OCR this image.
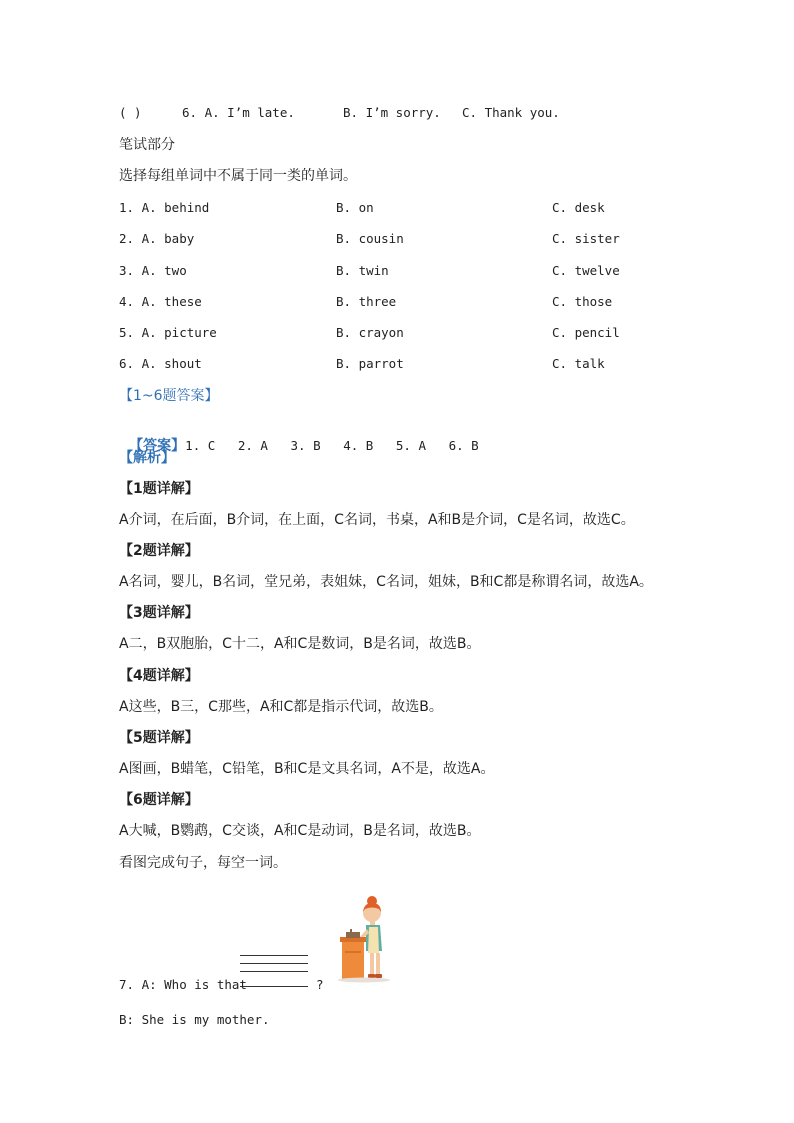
( )	6. A. I’m late.	B. I’m sorry. C. Thank you.
笔试部分
选择每组单词中不属于同一类的单词。
1. A. behind	B. on	C. desk
2. A. baby	B. cousin	C. sister
3. A. two	B. twin	C. twelve
4. A. these	B. three	C. those
5. A. picture	B. crayon	C. pencil
6. A. shout	B. parrot	C. talk
【1~6题答案】

【答案】1. C   2. A   3. B   4. B   5. A   6. B

【解析】
【1题详解】
A介词，在后面，B介词，在上面，C名词，书桌，A和B是介词，C是名词，故选C。
【2题详解】
A名词，婴儿，B名词，堂兄弟，表姐妹，C名词，姐妹，B和C都是称谓名词，故选A。
【3题详解】
A二，B双胞胎，C十二，A和C是数词，B是名词，故选B。
【4题详解】
A这些，B三，C那些，A和C都是指示代词，故选B。
【5题详解】
A图画，B蜡笔，C铅笔，B和C是文具名词，A不是，故选A。
【6题详解】
A大喊，B鹦鹉，C交谈，A和C是动词，B是名词，故选B。
看图完成句子，每空一词。
7. A: Who is that	?
B: She is my mother.
